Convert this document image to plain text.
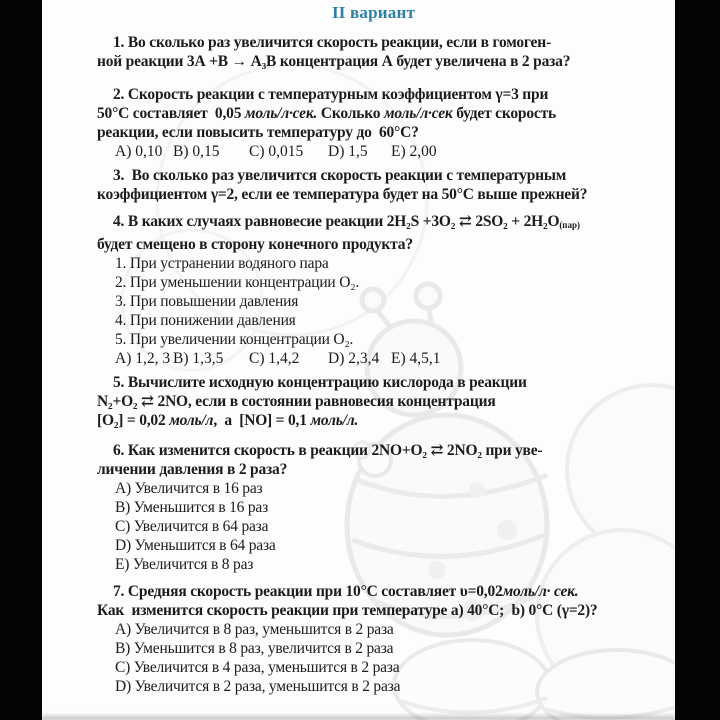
II вариант
1. Во сколько раз увеличится скорость реакции, если в гомоген-
ной реакции 3А +В → А₃В концентрация А будет увеличена в 2 раза?
2. Скорость реакции с температурным коэффициентом γ=3 при
50°С составляет  0,05 моль/л·сек. Сколько моль/л·сек будет скорость
реакции, если повысить температуру до  60°С?
А) 0,10 В) 0,15 С) 0,015 D) 1,5 Е) 2,00
3.  Во сколько раз увеличится скорость реакции с температурным
коэффициентом γ=2, если ее температура будет на 50°С выше прежней?
4. В каких случаях равновесие реакции 2H₂S +3O₂ ⇄ 2SO₂ + 2H₂O(пар)
будет смещено в сторону конечного продукта?
1. При устранении водяного пара
2. При уменьшении концентрации О₂.
3. При повышении давления
4. При понижении давления
5. При увеличении концентрации О₂.
А) 1,2, 3 В) 1,3,5 С) 1,4,2 D) 2,3,4 Е) 4,5,1
5. Вычислите исходную концентрацию кислорода в реакции
N₂+O₂ ⇄ 2NO, если в состоянии равновесия концентрация
[O₂] = 0,02 моль/л,  а  [NO] = 0,1 моль/л.
6. Как изменится скорость в реакции 2NO+O₂ ⇄ 2NO₂ при уве-
личении давления в 2 раза?
А) Увеличится в 16 раз
В) Уменьшится в 16 раз
С) Увеличится в 64 раза
D) Уменьшится в 64 раза
Е) Увеличится в 8 раз
7. Средняя скорость реакции при 10°С составляет υ=0,02моль/л· сек.
Как  изменится скорость реакции при температуре a) 40°С;  b) 0°С (γ=2)?
А) Увеличится в 8 раз, уменьшится в 2 раза
В) Уменьшится в 8 раз, увеличится в 2 раза
С) Увеличится в 4 раза, уменьшится в 2 раза
D) Увеличится в 2 раза, уменьшится в 2 раза
